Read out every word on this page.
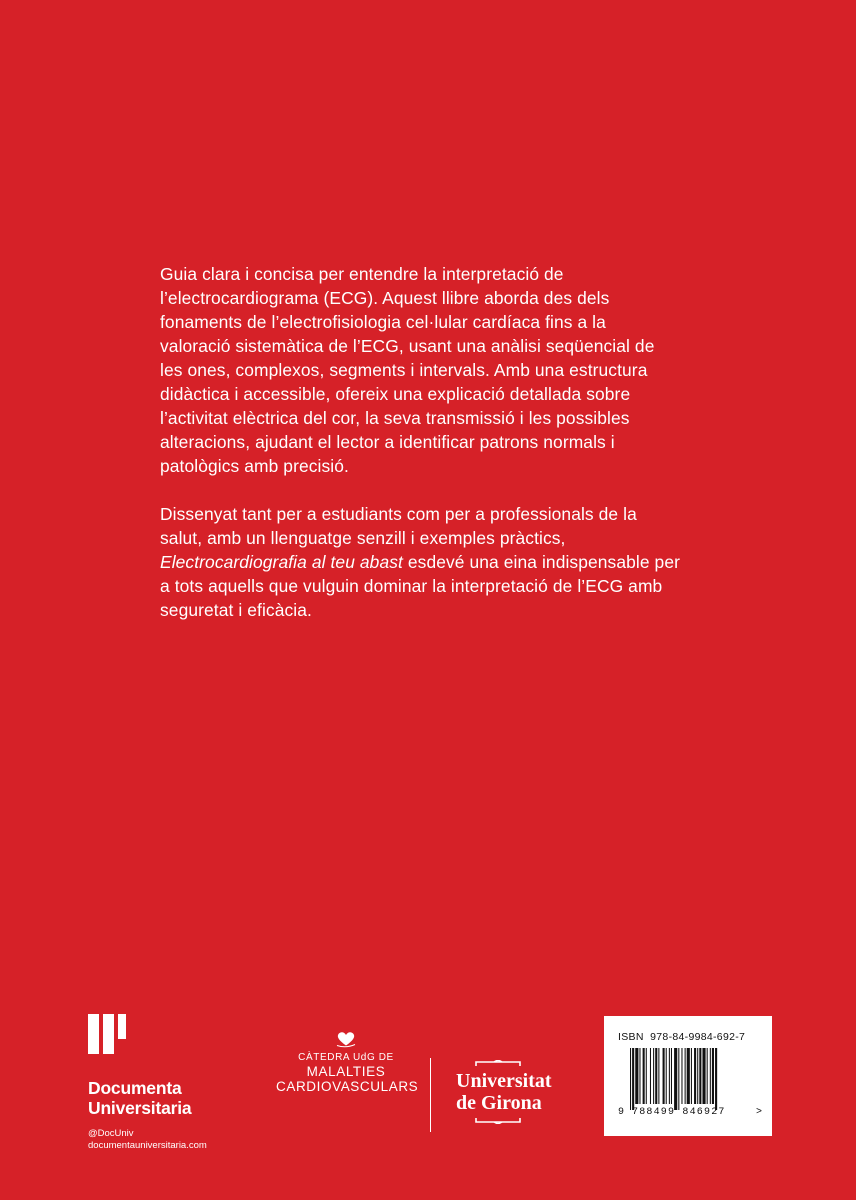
Guia clara i concisa per entendre la interpretació de l’electrocardiograma (ECG). Aquest llibre aborda des dels fonaments de l’electrofisiologia cel·lular cardíaca fins a la valoració sistemàtica de l’ECG, usant una anàlisi seqüencial de les ones, complexos, segments i intervals. Amb una estructura didàctica i accessible, ofereix una explicació detallada sobre l’activitat elèctrica del cor, la seva transmissió i les possibles alteracions, ajudant el lector a identificar patrons normals i patològics amb precisió.

Dissenyat tant per a estudiants com per a professionals de la salut, amb un llenguatge senzill i exemples pràctics, Electrocardiografia al teu abast esdevé una eina indispensable per a tots aquells que vulguin dominar la interpretació de l’ECG amb seguretat i eficàcia.

Documenta
Universitaria
@DocUniv
documentauniversitaria.com
CÀTEDRA UdG DE
MALALTIES
CARDIOVASCULARS Universitat
de Girona
ISBN 978-84-9984-692-7
9 788499 846927	>
